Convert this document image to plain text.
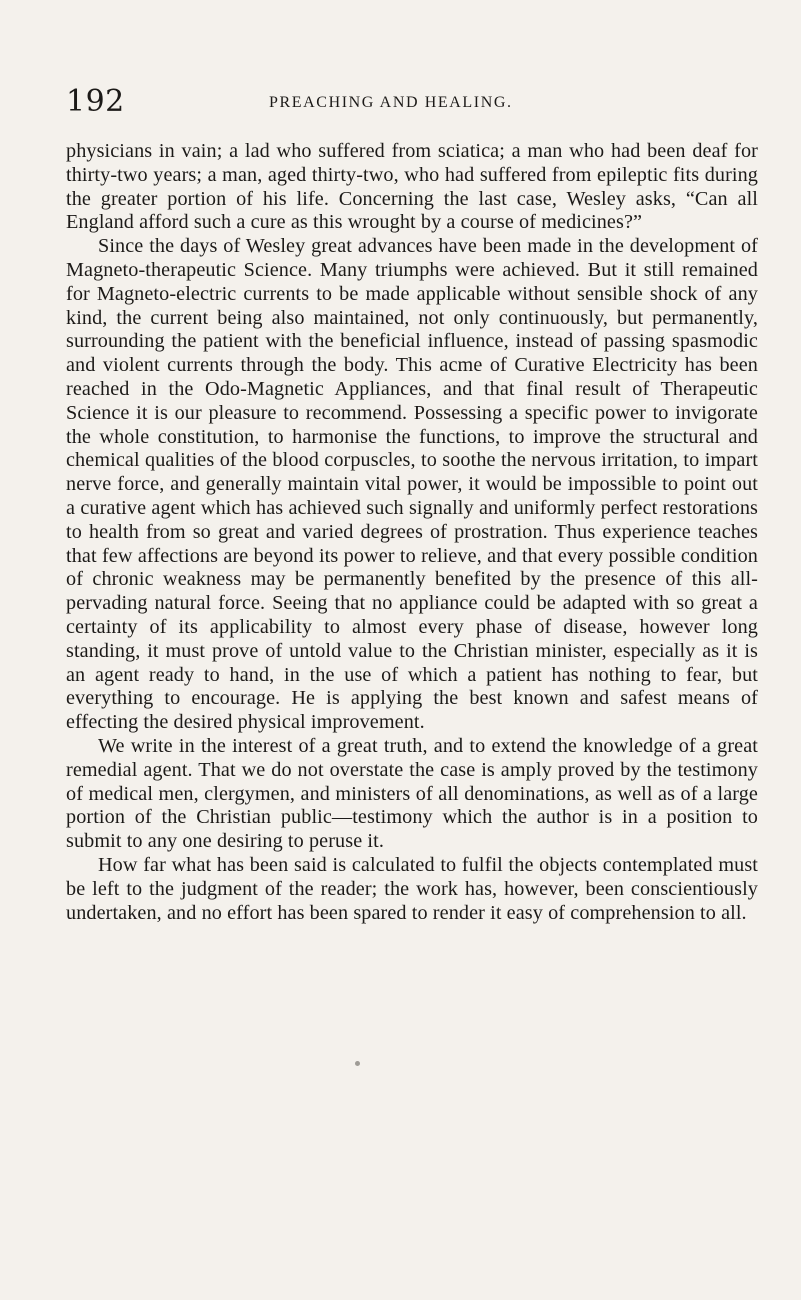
192	PREACHING AND HEALING.

physicians in vain; a lad who suffered from sciatica; a man who had been deaf for thirty-two years; a man, aged thirty-two, who had suffered from epileptic fits during the greater portion of his life. Concerning the last case, Wesley asks, “Can all England afford such a cure as this wrought by a course of medicines?”

Since the days of Wesley great advances have been made in the development of Magneto-therapeutic Science. Many triumphs were achieved. But it still remained for Magneto-electric currents to be made applicable without sensible shock of any kind, the current being also maintained, not only continuously, but permanently, surrounding the patient with the beneficial influence, instead of passing spasmodic and violent currents through the body. This acme of Curative Electricity has been reached in the Odo-Magnetic Appliances, and that final result of Therapeutic Science it is our pleasure to recommend. Possessing a specific power to invigorate the whole constitution, to harmonise the functions, to improve the structural and chemical qualities of the blood corpuscles, to soothe the nervous irritation, to impart nerve force, and generally maintain vital power, it would be impossible to point out a curative agent which has achieved such signally and uniformly perfect restorations to health from so great and varied degrees of prostration. Thus experience teaches that few affections are beyond its power to relieve, and that every possible condition of chronic weakness may be permanently benefited by the presence of this all-pervading natural force. Seeing that no appliance could be adapted with so great a certainty of its applicability to almost every phase of disease, however long standing, it must prove of untold value to the Christian minister, especially as it is an agent ready to hand, in the use of which a patient has nothing to fear, but everything to encourage. He is applying the best known and safest means of effecting the desired physical improvement.

We write in the interest of a great truth, and to extend the knowledge of a great remedial agent. That we do not overstate the case is amply proved by the testimony of medical men, clergymen, and ministers of all denominations, as well as of a large portion of the Christian public—testimony which the author is in a position to submit to any one desiring to peruse it.

How far what has been said is calculated to fulfil the objects contemplated must be left to the judgment of the reader; the work has, however, been conscientiously undertaken, and no effort has been spared to render it easy of comprehension to all.
